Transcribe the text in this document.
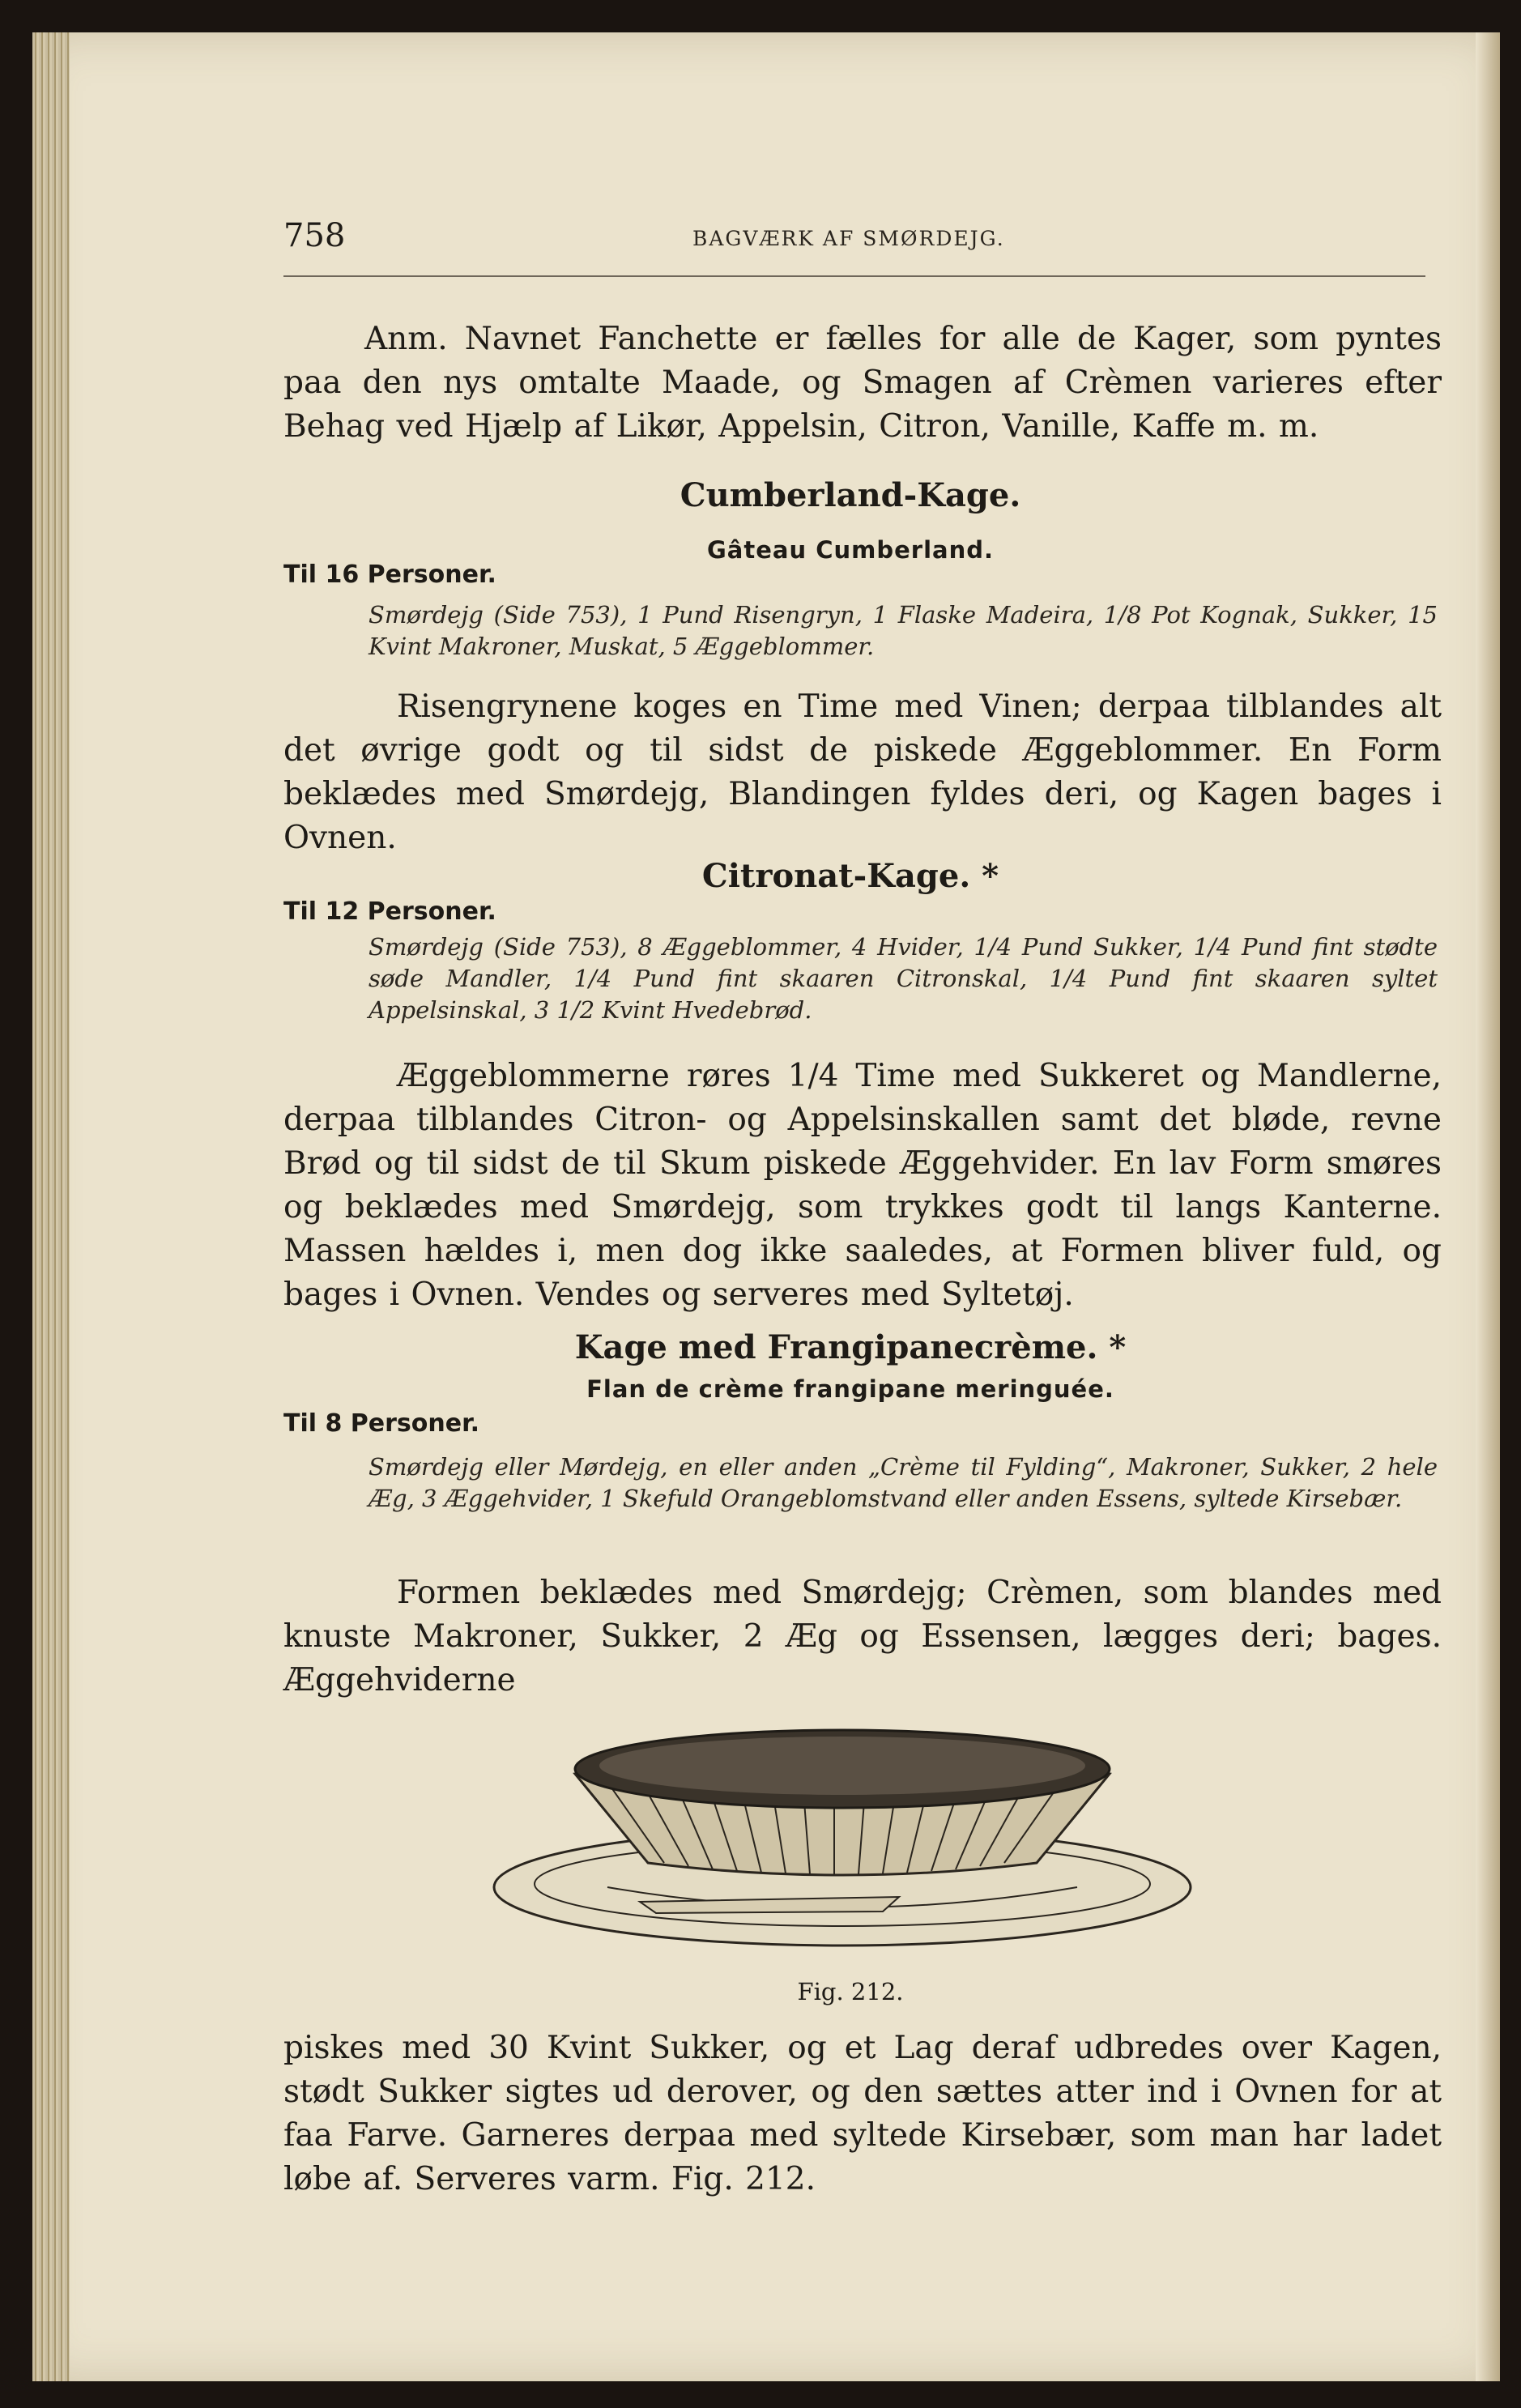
758	BAGVÆRK AF SMØRDEJG.

Anm. Navnet Fanchette er fælles for alle de Kager, som pyntes paa den nys omtalte Maade, og Smagen af Crèmen varieres efter Behag ved Hjælp af Likør, Appelsin, Citron, Vanille, Kaffe m. m.

Cumberland-Kage.
Gâteau Cumberland.
Til 16 Personer.

Smørdejg (Side 753), 1 Pund Risengryn, 1 Flaske Madeira, 1/8 Pot Kognak, Sukker, 15 Kvint Makroner, Muskat, 5 Æggeblommer.

Risengrynene koges en Time med Vinen; derpaa tilblandes alt det øvrige godt og til sidst de piskede Æggeblommer. En Form beklædes med Smørdejg, Blandingen fyldes deri, og Kagen bages i Ovnen.

Citronat-Kage. *
Til 12 Personer.

Smørdejg (Side 753), 8 Æggeblommer, 4 Hvider, 1/4 Pund Sukker, 1/4 Pund fint stødte søde Mandler, 1/4 Pund fint skaaren Citronskal, 1/4 Pund fint skaaren syltet Appelsinskal, 3 1/2 Kvint Hvedebrød.

Æggeblommerne røres 1/4 Time med Sukkeret og Mandlerne, derpaa tilblandes Citron- og Appelsinskallen samt det bløde, revne Brød og til sidst de til Skum piskede Æggehvider. En lav Form smøres og beklædes med Smørdejg, som trykkes godt til langs Kanterne. Massen hældes i, men dog ikke saaledes, at Formen bliver fuld, og bages i Ovnen. Vendes og serveres med Syltetøj.

Kage med Frangipanecrème. *
Flan de crème frangipane meringuée.
Til 8 Personer.

Smørdejg eller Mørdejg, en eller anden „Crème til Fylding“, Makroner, Sukker, 2 hele Æg, 3 Æggehvider, 1 Skefuld Orangeblomstvand eller anden Essens, syltede Kirsebær.

Formen beklædes med Smørdejg; Crèmen, som blandes med knuste Makroner, Sukker, 2 Æg og Essensen, lægges deri; bages. Æggehviderne

Fig. 212.

piskes med 30 Kvint Sukker, og et Lag deraf udbredes over Kagen, stødt Sukker sigtes ud derover, og den sættes atter ind i Ovnen for at faa Farve. Garneres derpaa med syltede Kirsebær, som man har ladet løbe af. Serveres varm. Fig. 212.
